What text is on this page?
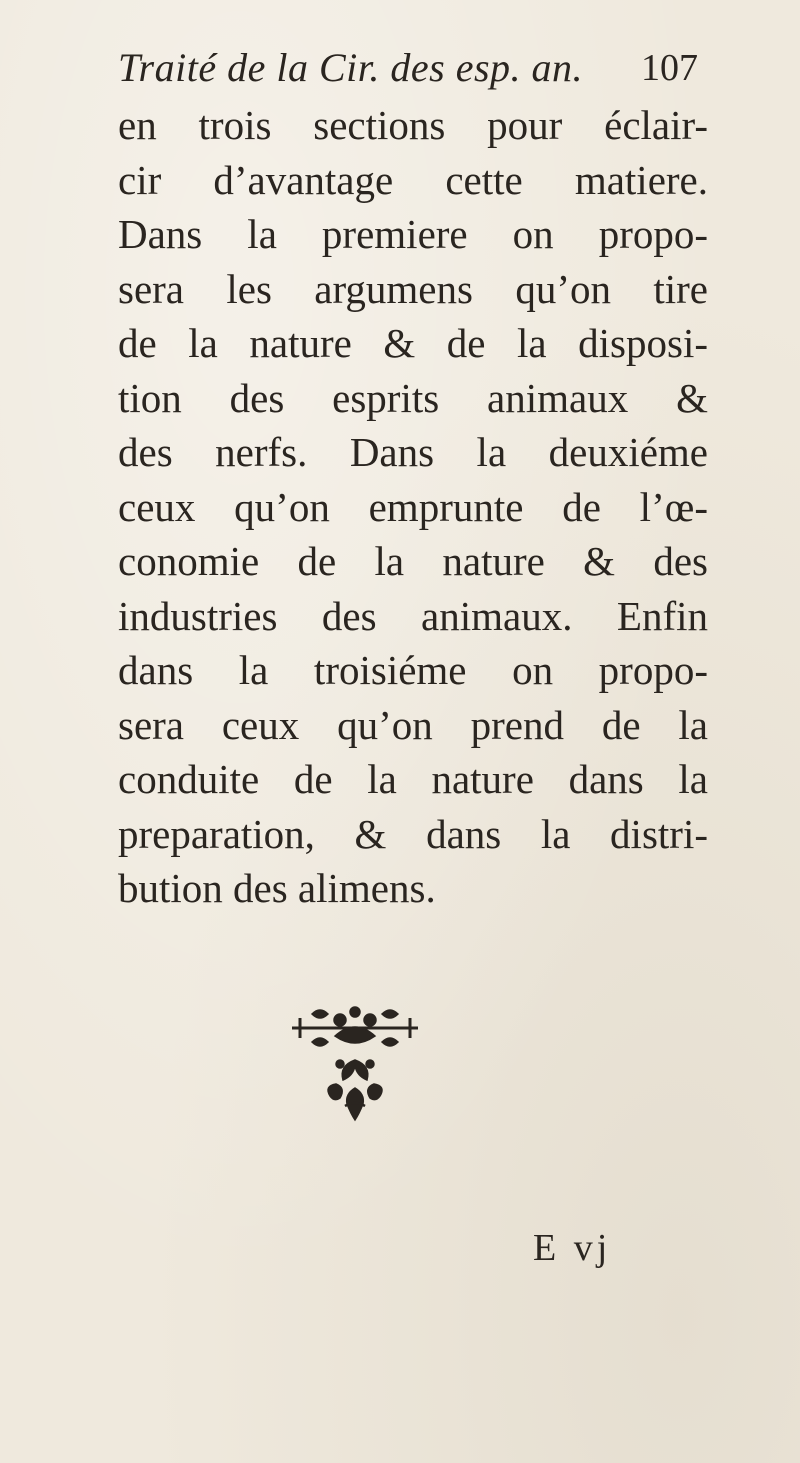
Traité de la Cir. des esp. an. 107
en trois sections pour éclair-
cir d’avantage cette matiere.
Dans la premiere on propo-
sera les argumens qu’on tire
de la nature & de la disposi-
tion des esprits animaux &
des nerfs. Dans la deuxiéme
ceux qu’on emprunte de l’œ-
conomie de la nature & des
industries des animaux. Enfin
dans la troisiéme on propo-
sera ceux qu’on prend de la
conduite de la nature dans la
preparation, & dans la distri-
bution des alimens.
E vj
